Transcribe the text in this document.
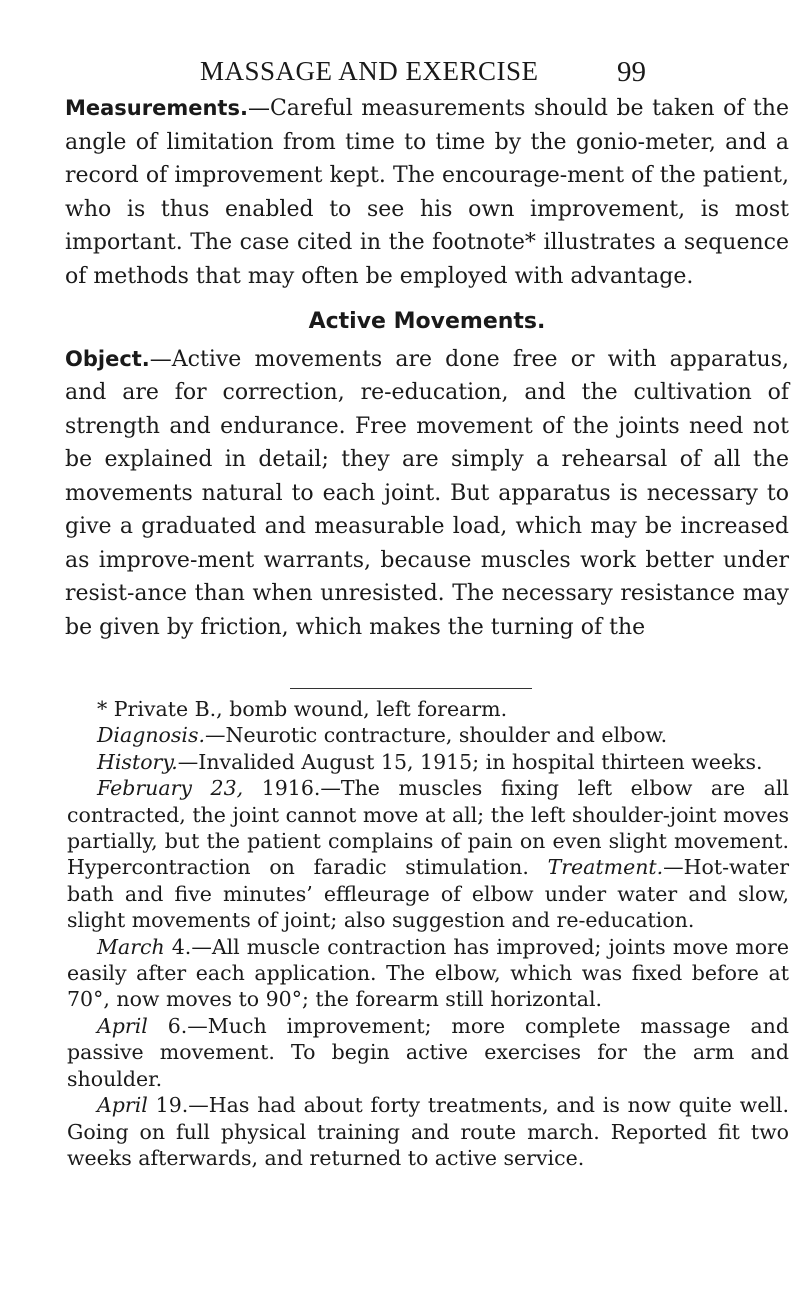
MASSAGE AND EXERCISE	99

Measurements.—Careful measurements should be taken of the angle of limitation from time to time by the gonio-meter, and a record of improvement kept. The encourage-ment of the patient, who is thus enabled to see his own improvement, is most important. The case cited in the footnote* illustrates a sequence of methods that may often be employed with advantage.

Active Movements.

Object.—Active movements are done free or with apparatus, and are for correction, re-education, and the cultivation of strength and endurance. Free movement of the joints need not be explained in detail; they are simply a rehearsal of all the movements natural to each joint. But apparatus is necessary to give a graduated and measurable load, which may be increased as improve-ment warrants, because muscles work better under resist-ance than when unresisted. The necessary resistance may be given by friction, which makes the turning of the

* Private B., bomb wound, left forearm.

Diagnosis.—Neurotic contracture, shoulder and elbow.

History.—Invalided August 15, 1915; in hospital thirteen weeks.

February 23, 1916.—The muscles fixing left elbow are all contracted, the joint cannot move at all; the left shoulder-joint moves partially, but the patient complains of pain on even slight movement. Hypercontraction on faradic stimulation. Treatment.—Hot-water bath and five minutes’ effleurage of elbow under water and slow, slight movements of joint; also suggestion and re-education.

March 4.—All muscle contraction has improved; joints move more easily after each application. The elbow, which was fixed before at 70°, now moves to 90°; the forearm still horizontal.

April 6.—Much improvement; more complete massage and passive movement. To begin active exercises for the arm and shoulder.

April 19.—Has had about forty treatments, and is now quite well. Going on full physical training and route march. Reported fit two weeks afterwards, and returned to active service.
